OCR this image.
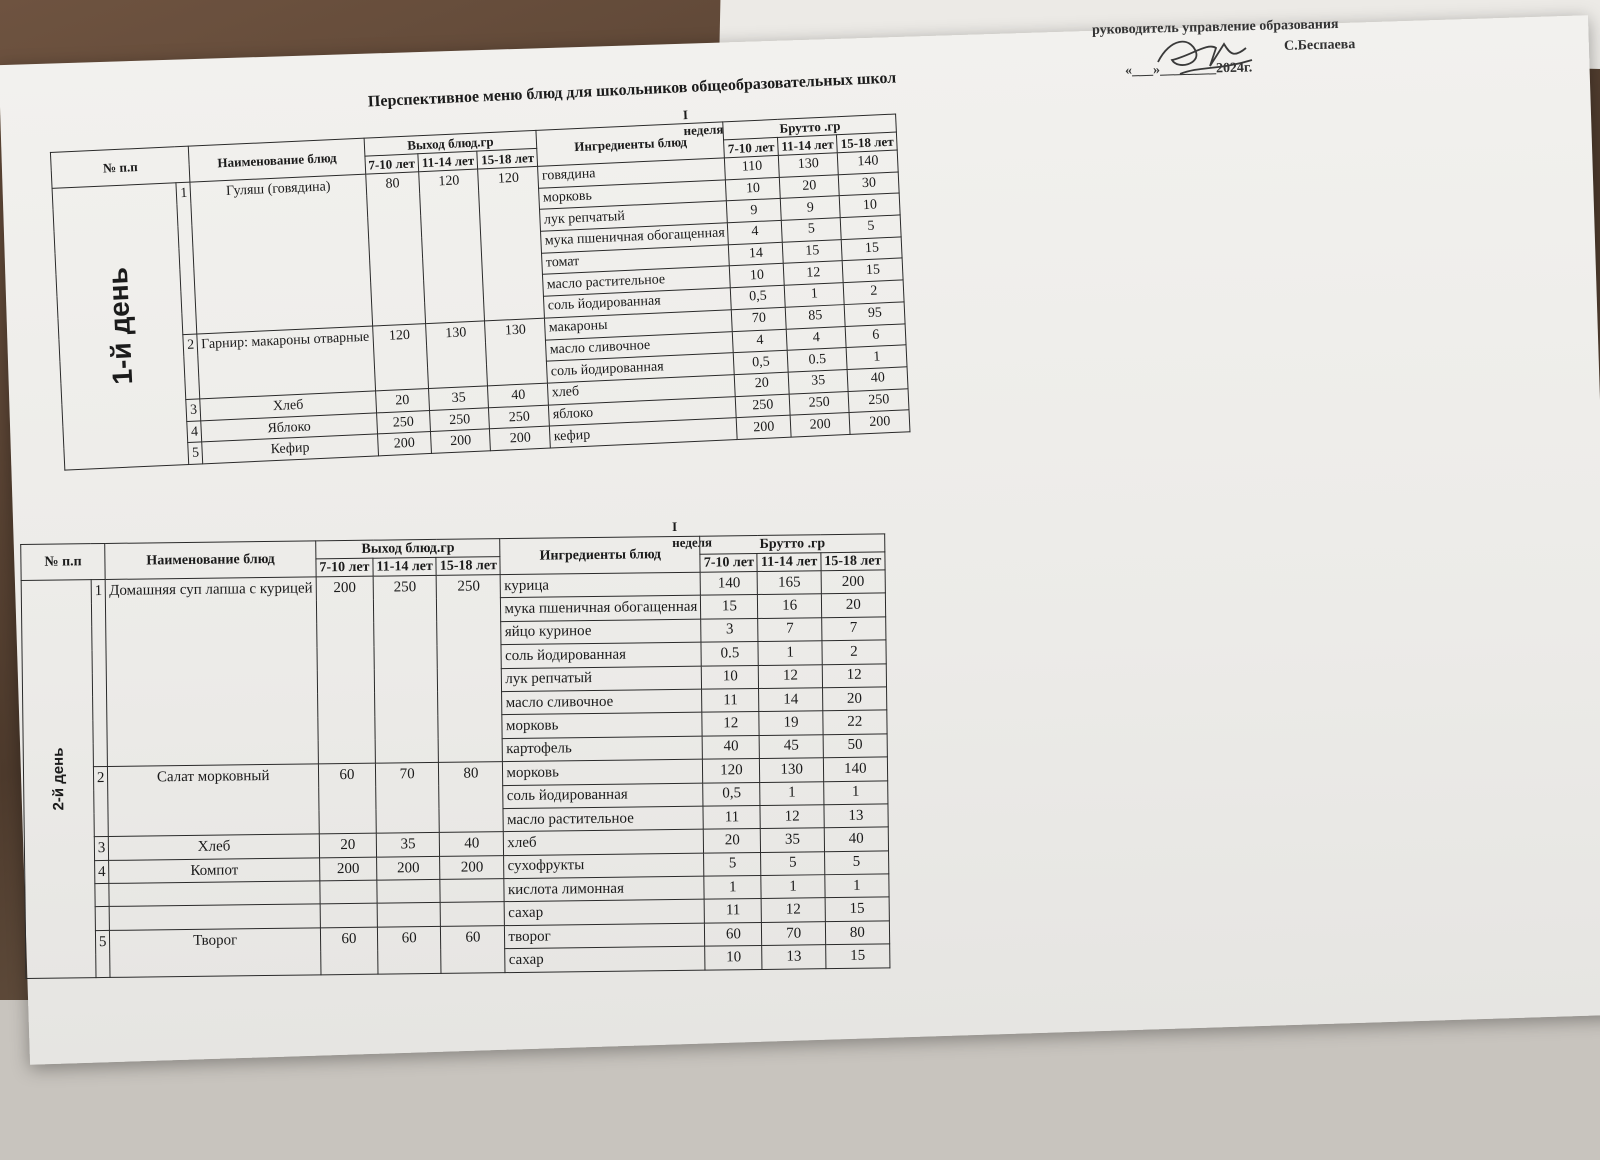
руководитель управление образования
С.Беспаева
«___»________2024г.
Перспективное меню блюд для школьников общеобразовательных школ
I неделя
№ п.п		Наименование блюд	Выход блюд.гр			Ингредиенты блюд	Брутто .гр		
			7-10 лет	11-14 лет	15-18 лет		7-10 лет	11-14 лет	15-18 лет

1-й день	1	Гуляш (говядина)	80	120	120	говядина	110	130	140
						морковь	10	20	30
						лук репчатый	9	9	10
						мука пшеничная обогащенная	4	5	5
						томат	14	15	15
						масло растительное	10	12	15
						соль йодированная	0,5	1	2
	2	Гарнир: макароны отварные	120	130	130	макароны	70	85	95
						масло сливочное	4	4	6
						соль йодированная	0,5	0.5	1
	3	Хлеб	20	35	40	хлеб	20	35	40
	4	Яблоко	250	250	250	яблоко	250	250	250
	5	Кефир	200	200	200	кефир	200	200	200
I неделя
№ п.п		Наименование блюд	Выход блюд.гр			Ингредиенты блюд	Брутто .гр		
			7-10 лет	11-14 лет	15-18 лет		7-10 лет	11-14 лет	15-18 лет

2-й день	1	Домашняя суп лапша с курицей	200	250	250	курица	140	165	200
						мука пшеничная обогащенная	15	16	20
						яйцо куриное	3	7	7
						соль йодированная	0.5	1	2
						лук репчатый	10	12	12
						масло сливочное	11	14	20
						морковь	12	19	22
						картофель	40	45	50
	2	Салат морковный	60	70	80	морковь	120	130	140
						соль йодированная	0,5	1	1
						масло растительное	11	12	13
	3	Хлеб	20	35	40	хлеб	20	35	40
	4	Компот	200	200	200	сухофрукты	5	5	5
						кислота лимонная	1	1	1
						сахар	11	12	15
	5	Творог	60	60	60	творог	60	70	80
						сахар	10	13	15
